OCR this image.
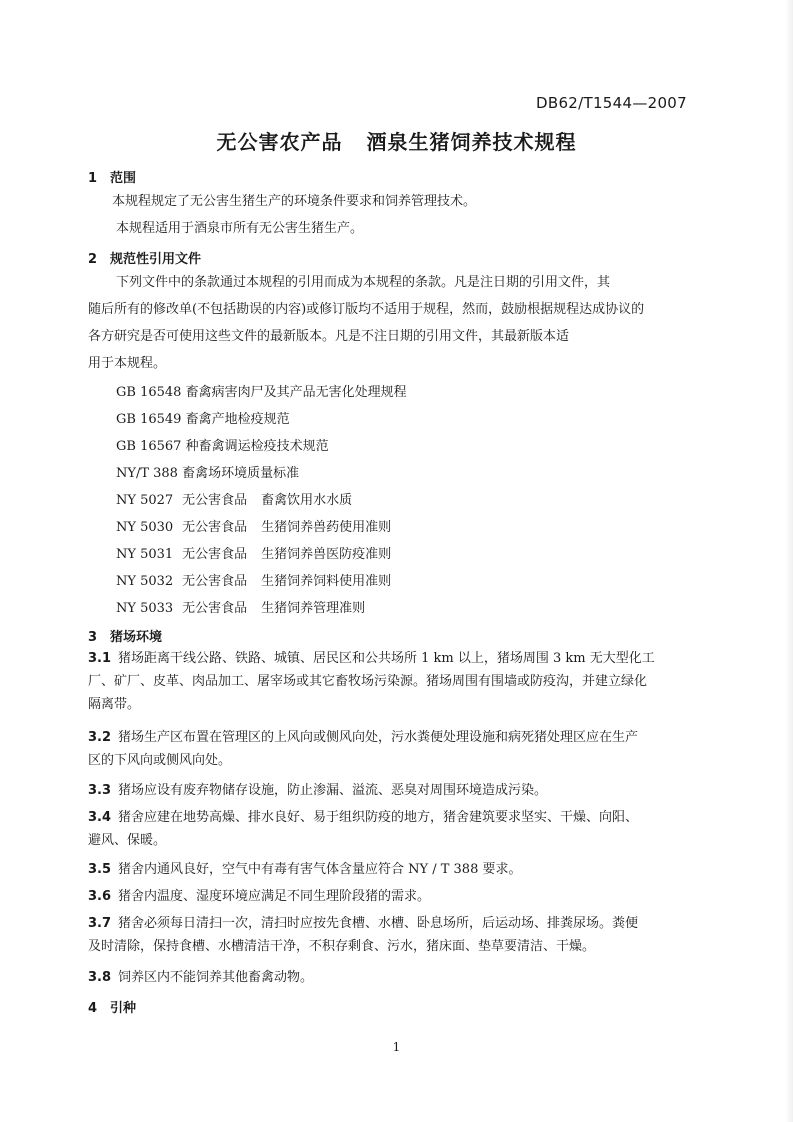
DB62/T1544—2007
无公害农产品 酒泉生猪饲养技术规程
1 范围
本规程规定了无公害生猪生产的环境条件要求和饲养管理技术。
本规程适用于酒泉市所有无公害生猪生产。
2 规范性引用文件
下列文件中的条款通过本规程的引用而成为本规程的条款。凡是注日期的引用文件，其
随后所有的修改单(不包括勘误的内容)或修订版均不适用于规程，然而，鼓励根据规程达成协议的
各方研究是否可使用这些文件的最新版本。凡是不注日期的引用文件，其最新版本适
用于本规程。
GB 16548 畜禽病害肉尸及其产品无害化处理规程
GB 16549 畜禽产地检疫规范
GB 16567 种畜禽调运检疫技术规范
NY/T 388 畜禽场环境质量标准
NY 5027 无公害食品 畜禽饮用水水质
NY 5030 无公害食品 生猪饲养兽药使用准则
NY 5031 无公害食品 生猪饲养兽医防疫准则
NY 5032 无公害食品 生猪饲养饲料使用准则
NY 5033 无公害食品 生猪饲养管理准则
3 猪场环境
3.1 猪场距离干线公路、铁路、城镇、居民区和公共场所 1 km 以上，猪场周围 3 km 无大型化工
厂、矿厂、皮革、肉品加工、屠宰场或其它畜牧场污染源。猪场周围有围墙或防疫沟，并建立绿化
隔离带。
3.2 猪场生产区布置在管理区的上风向或侧风向处，污水粪便处理设施和病死猪处理区应在生产
区的下风向或侧风向处。
3.3 猪场应设有废弃物储存设施，防止渗漏、溢流、恶臭对周围环境造成污染。
3.4 猪舍应建在地势高燥、排水良好、易于组织防疫的地方，猪舍建筑要求坚实、干燥、向阳、
避风、保暖。
3.5 猪舍内通风良好，空气中有毒有害气体含量应符合 NY / T 388 要求。
3.6 猪舍内温度、湿度环境应满足不同生理阶段猪的需求。
3.7 猪舍必须每日清扫一次，清扫时应按先食槽、水槽、卧息场所，后运动场、排粪尿场。粪便
及时清除，保持食槽、水槽清洁干净，不积存剩食、污水，猪床面、垫草要清洁、干燥。
3.8 饲养区内不能饲养其他畜禽动物。
4 引种
1
